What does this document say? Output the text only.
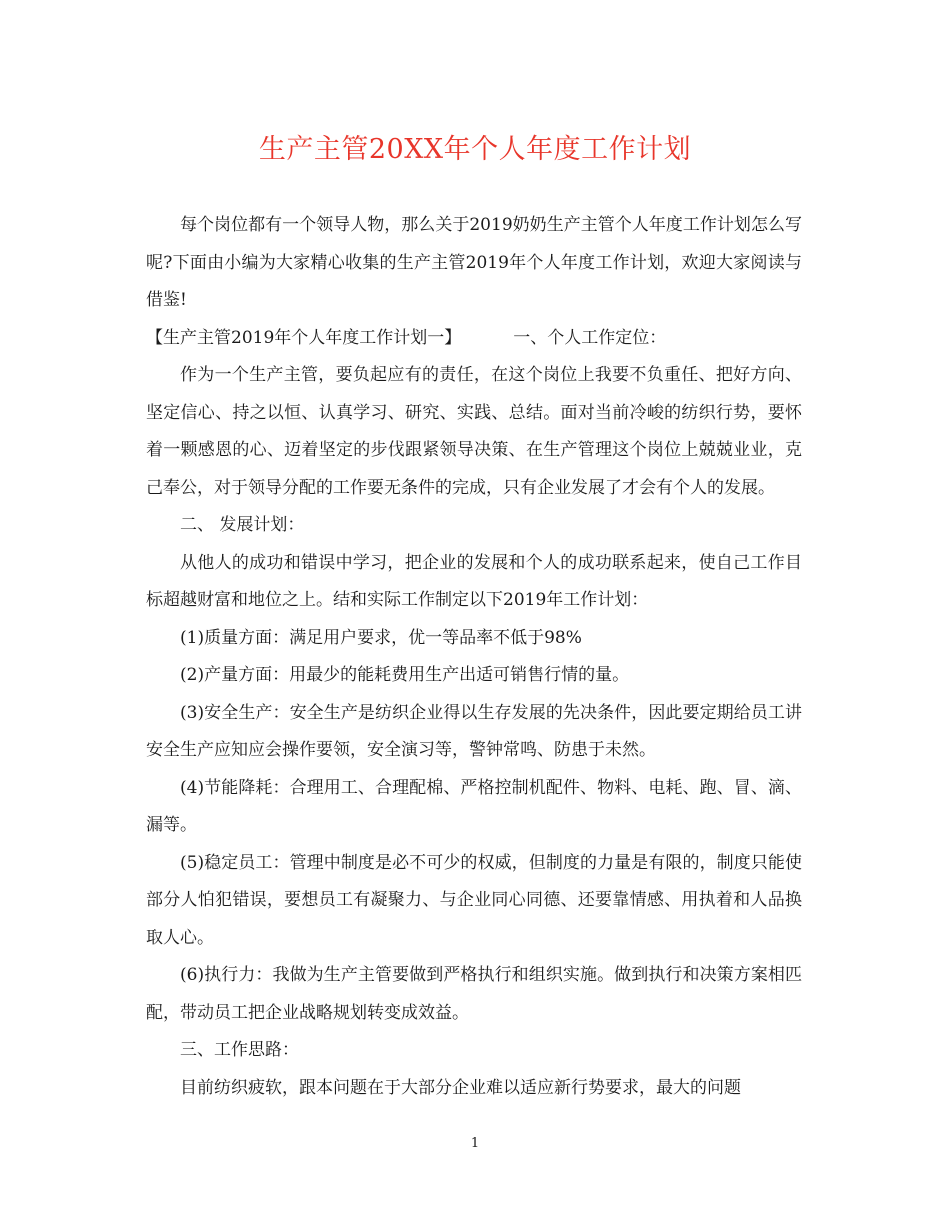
生产主管20XX年个人年度工作计划

每个岗位都有一个领导人物，那么关于2019奶奶生产主管个人年度工作计划怎么写呢?下面由小编为大家精心收集的生产主管2019年个人年度工作计划，欢迎大家阅读与借鉴!

【生产主管2019年个人年度工作计划一】	一、个人工作定位：

作为一个生产主管，要负起应有的责任，在这个岗位上我要不负重任、把好方向、坚定信心、持之以恒、认真学习、研究、实践、总结。面对当前冷峻的纺织行势，要怀着一颗感恩的心、迈着坚定的步伐跟紧领导决策、在生产管理这个岗位上兢兢业业，克己奉公，对于领导分配的工作要无条件的完成，只有企业发展了才会有个人的发展。

二、 发展计划：

从他人的成功和错误中学习，把企业的发展和个人的成功联系起来，使自己工作目标超越财富和地位之上。结和实际工作制定以下2019年工作计划：

(1)质量方面：满足用户要求，优一等品率不低于98%

(2)产量方面：用最少的能耗费用生产出适可销售行情的量。

(3)安全生产：安全生产是纺织企业得以生存发展的先决条件，因此要定期给员工讲安全生产应知应会操作要领，安全演习等，警钟常鸣、防患于未然。

(4)节能降耗：合理用工、合理配棉、严格控制机配件、物料、电耗、跑、冒、滴、漏等。

(5)稳定员工：管理中制度是必不可少的权威，但制度的力量是有限的，制度只能使部分人怕犯错误，要想员工有凝聚力、与企业同心同德、还要靠情感、用执着和人品换取人心。

(6)执行力：我做为生产主管要做到严格执行和组织实施。做到执行和决策方案相匹配，带动员工把企业战略规划转变成效益。

三、工作思路：

目前纺织疲软，跟本问题在于大部分企业难以适应新行势要求，最大的问题

1
